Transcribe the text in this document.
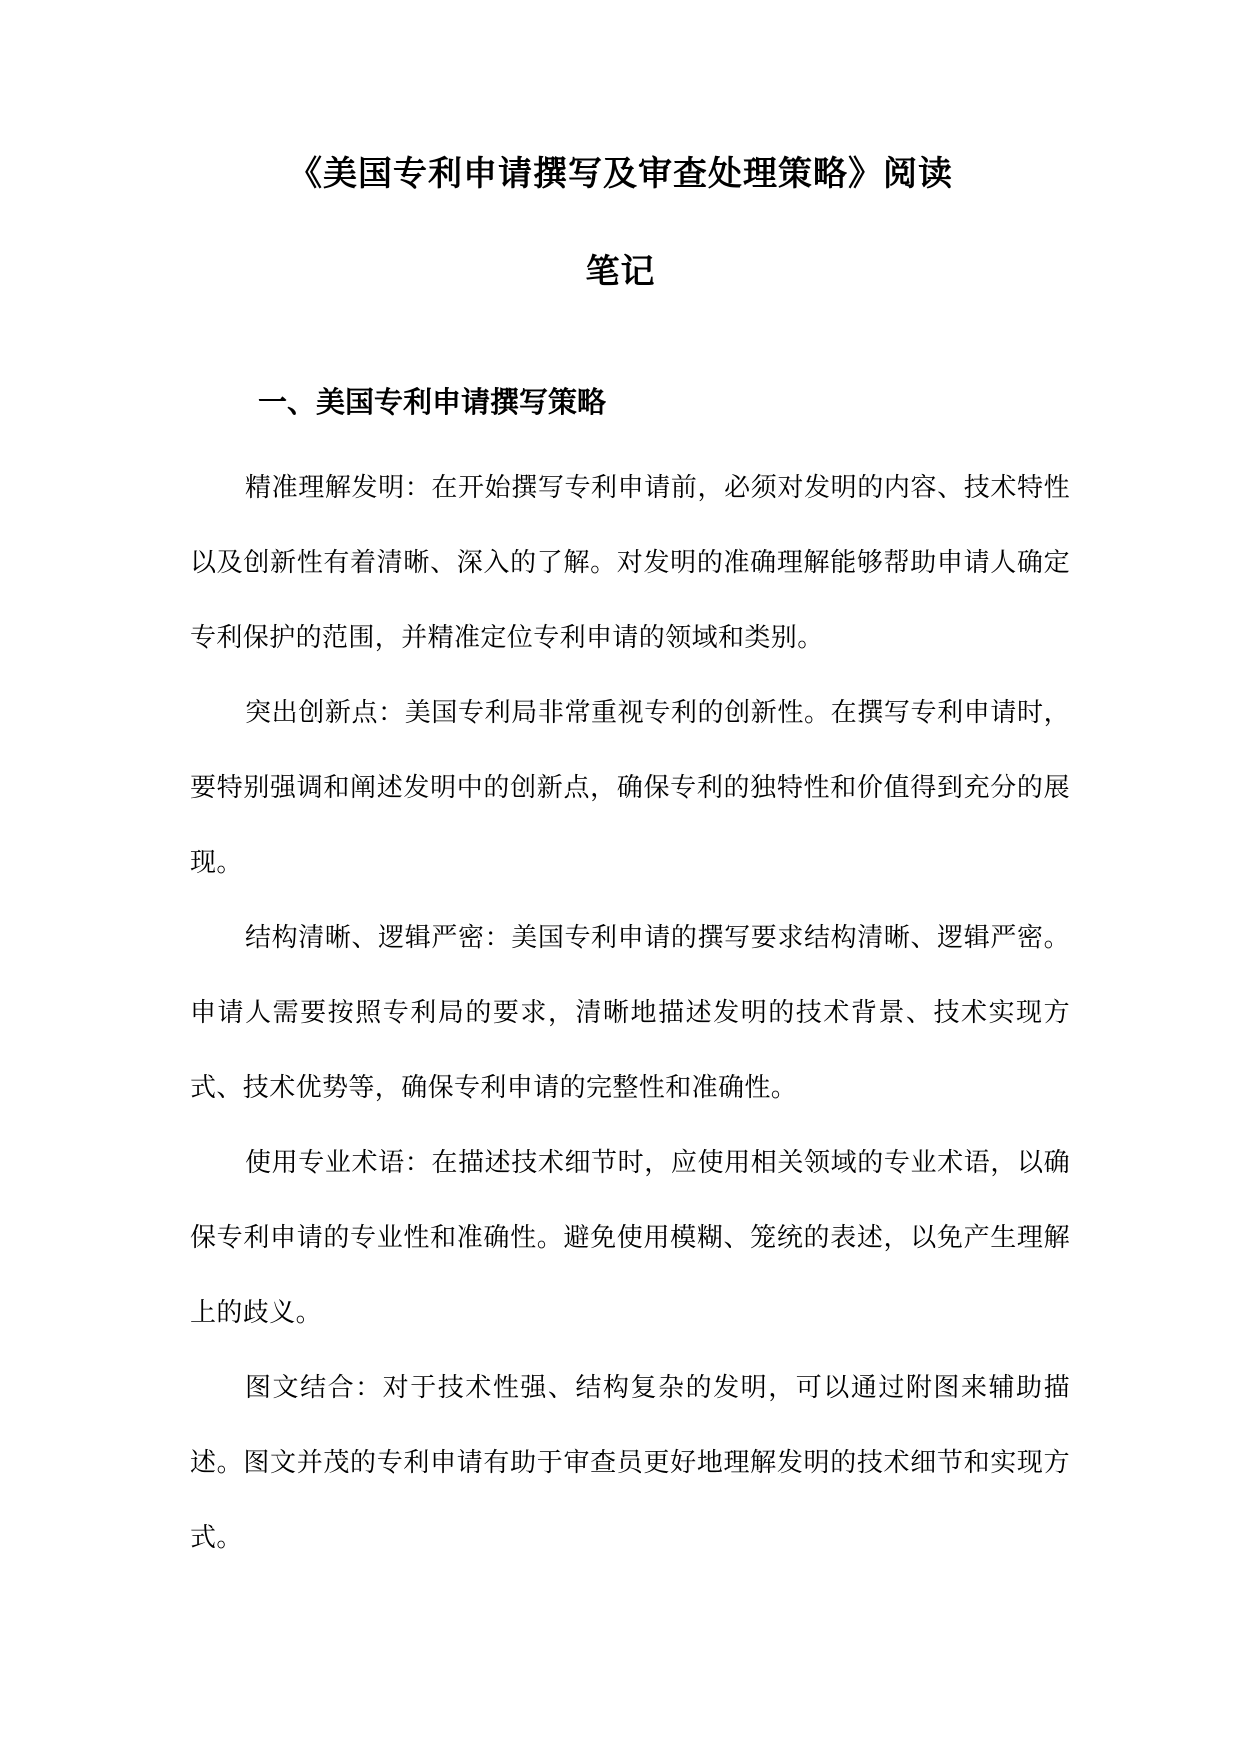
《美国专利申请撰写及审查处理策略》阅读
笔记
一、美国专利申请撰写策略

精准理解发明：在开始撰写专利申请前，必须对发明的内容、技术特性以及创新性有着清晰、深入的了解。对发明的准确理解能够帮助申请人确定专利保护的范围，并精准定位专利申请的领域和类别。

突出创新点：美国专利局非常重视专利的创新性。在撰写专利申请时，要特别强调和阐述发明中的创新点，确保专利的独特性和价值得到充分的展现。

结构清晰、逻辑严密：美国专利申请的撰写要求结构清晰、逻辑严密。申请人需要按照专利局的要求，清晰地描述发明的技术背景、技术实现方式、技术优势等，确保专利申请的完整性和准确性。

使用专业术语：在描述技术细节时，应使用相关领域的专业术语，以确保专利申请的专业性和准确性。避免使用模糊、笼统的表述，以免产生理解上的歧义。

图文结合：对于技术性强、结构复杂的发明，可以通过附图来辅助描述。图文并茂的专利申请有助于审查员更好地理解发明的技术细节和实现方式。
